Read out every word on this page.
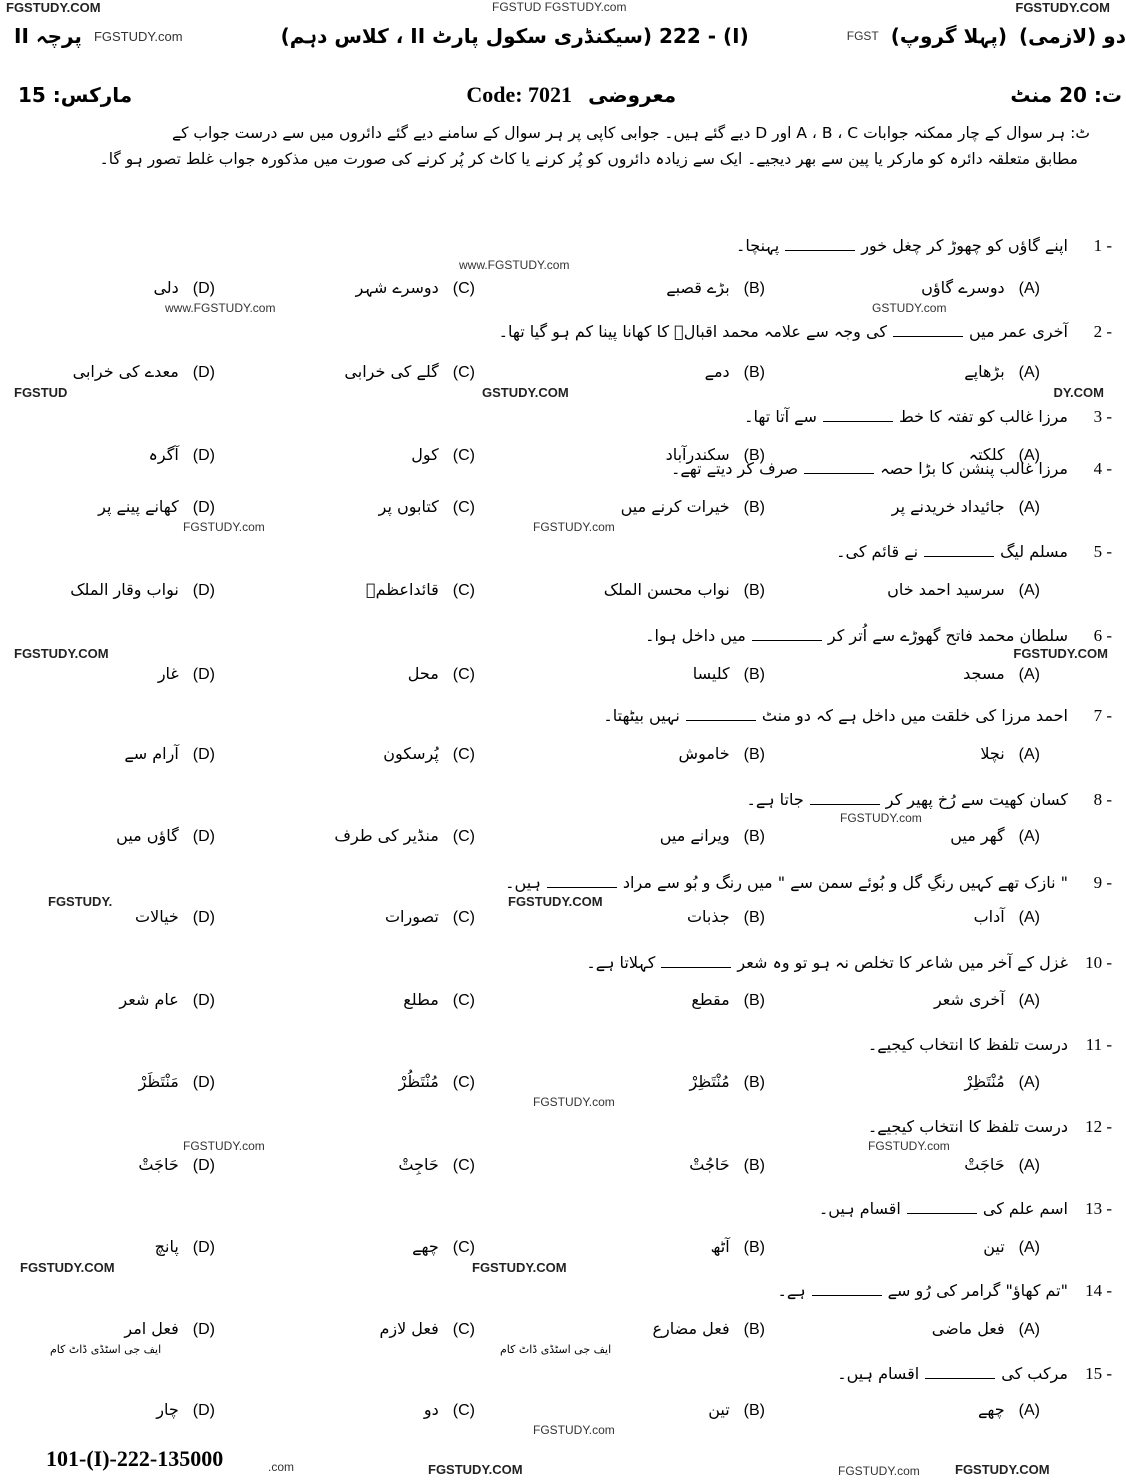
FGSTUDY.COM	FGSTUD FGSTUDY.com	FGSTUDY.COM
پرچہ II FGSTUDY.com	(I) - 222 (سیکنڈری سکول پارٹ II ، کلاس دہم)	FGST (پہلا گروپ) دو (لازمی)
مارکس: 15	Code: 7021 معروضی	ت: 20 منٹ
ٹ: ہر سوال کے چار ممکنہ جوابات A ، B ، C اور D دیے گئے ہیں۔ جوابی کاپی پر ہر سوال کے سامنے دیے گئے دائروں میں سے درست جواب کے
مطابق متعلقہ دائرہ کو مارکر یا پین سے بھر دیجیے۔ ایک سے زیادہ دائروں کو پُر کرنے یا کاٹ کر پُر کرنے کی صورت میں مذکورہ جواب غلط تصور ہو گا۔
اپنے گاؤں کو چھوڑ کر چغل خورپہنچا۔	1 -
(A)دوسرے گاؤں
(B)بڑے قصبے
(C)دوسرے شہر
(D)دلی
آخری عمر میںکی وجہ سے علامہ محمد اقبالؒ کا کھانا پینا کم ہو گیا تھا۔	2 -
(A)بڑھاپے
(B)دمے
(C)گلے کی خرابی
(D)معدے کی خرابی
مرزا غالب کو تفتہ کا خطسے آتا تھا۔	3 -
(A)کلکتہ
(B)سکندرآباد
(C)کول
(D)آگرہ
مرزا غالب پنشن کا بڑا حصہصرف کر دیتے تھے۔	4 -
(A)جائیداد خریدنے پر
(B)خیرات کرنے میں
(C)کتابوں پر
(D)کھانے پینے پر
مسلم لیگنے قائم کی۔	5 -
(A)سرسید احمد خاں
(B)نواب محسن الملک
(C)قائداعظمؒ
(D)نواب وقار الملک
سلطان محمد فاتح گھوڑے سے اُتر کرمیں داخل ہوا۔	6 -
(A)مسجد
(B)کلیسا
(C)محل
(D)غار
احمد مرزا کی خلقت میں داخل ہے کہ دو منٹنہیں بیٹھتا۔	7 -
(A)نچلا
(B)خاموش
(C)پُرسکون
(D)آرام سے
کسان کھیت سے رُخ پھیر کرجاتا ہے۔	8 -
(A)گھر میں
(B)ویرانے میں
(C)منڈیر کی طرف
(D)گاؤں میں
" نازک تھے کہیں رنگِ گل و بُوئے سمن سے " میں رنگ و بُو سے مرادہیں۔	9 -
(A)آداب
(B)جذبات
(C)تصورات
(D)خیالات
غزل کے آخر میں شاعر کا تخلص نہ ہو تو وہ شعرکہلاتا ہے۔	10 -
(A)آخری شعر
(B)مقطع
(C)مطلع
(D)عام شعر
درست تلفظ کا انتخاب کیجیے۔ 11 -
(A)مُنْتَظِرْ
(B)مُنْتَظِرْ
(C)مُنْتَظُرْ
(D)مَنْتَظَرْ
درست تلفظ کا انتخاب کیجیے۔ 12 -
(A)حَاجَتْ
(B)حَاجُتْ
(C)حَاجِتْ
(D)حَاجَتْ
اسم علم کیاقسام ہیں۔	13 -
(A)تین
(B)آٹھ
(C)چھے
(D)پانچ
"تم کھاؤ" گرامر کی رُو سےہے۔	14 -
(A)فعل ماضی
(B)فعل مضارع
(C)فعل لازم
(D)فعل امر
مرکب کیاقسام ہیں۔	15 -
(A)چھے
(B)تین
(C)دو
(D)چار
www.FGSTUDY.com
www.FGSTUDY.com	GSTUDY.com
DY.COM
GSTUDY.COM
FGSTUD
FGSTUDY.com
FGSTUDY.com
FGSTUDY.COM	FGSTUDY.COM
FGSTUDY.com
FGSTUDY.COM
FGSTUDY.
FGSTUDY.com
FGSTUDY.com	FGSTUDY.com
FGSTUDY.COM	FGSTUDY.COM
ایف جی اسٹڈی ڈاٹ کام	ایف جی اسٹڈی ڈاٹ کام
FGSTUDY.com
101-(I)-222-135000	.com	FGSTUDY.COM	FGSTUDY.com	FGSTUDY.COM
